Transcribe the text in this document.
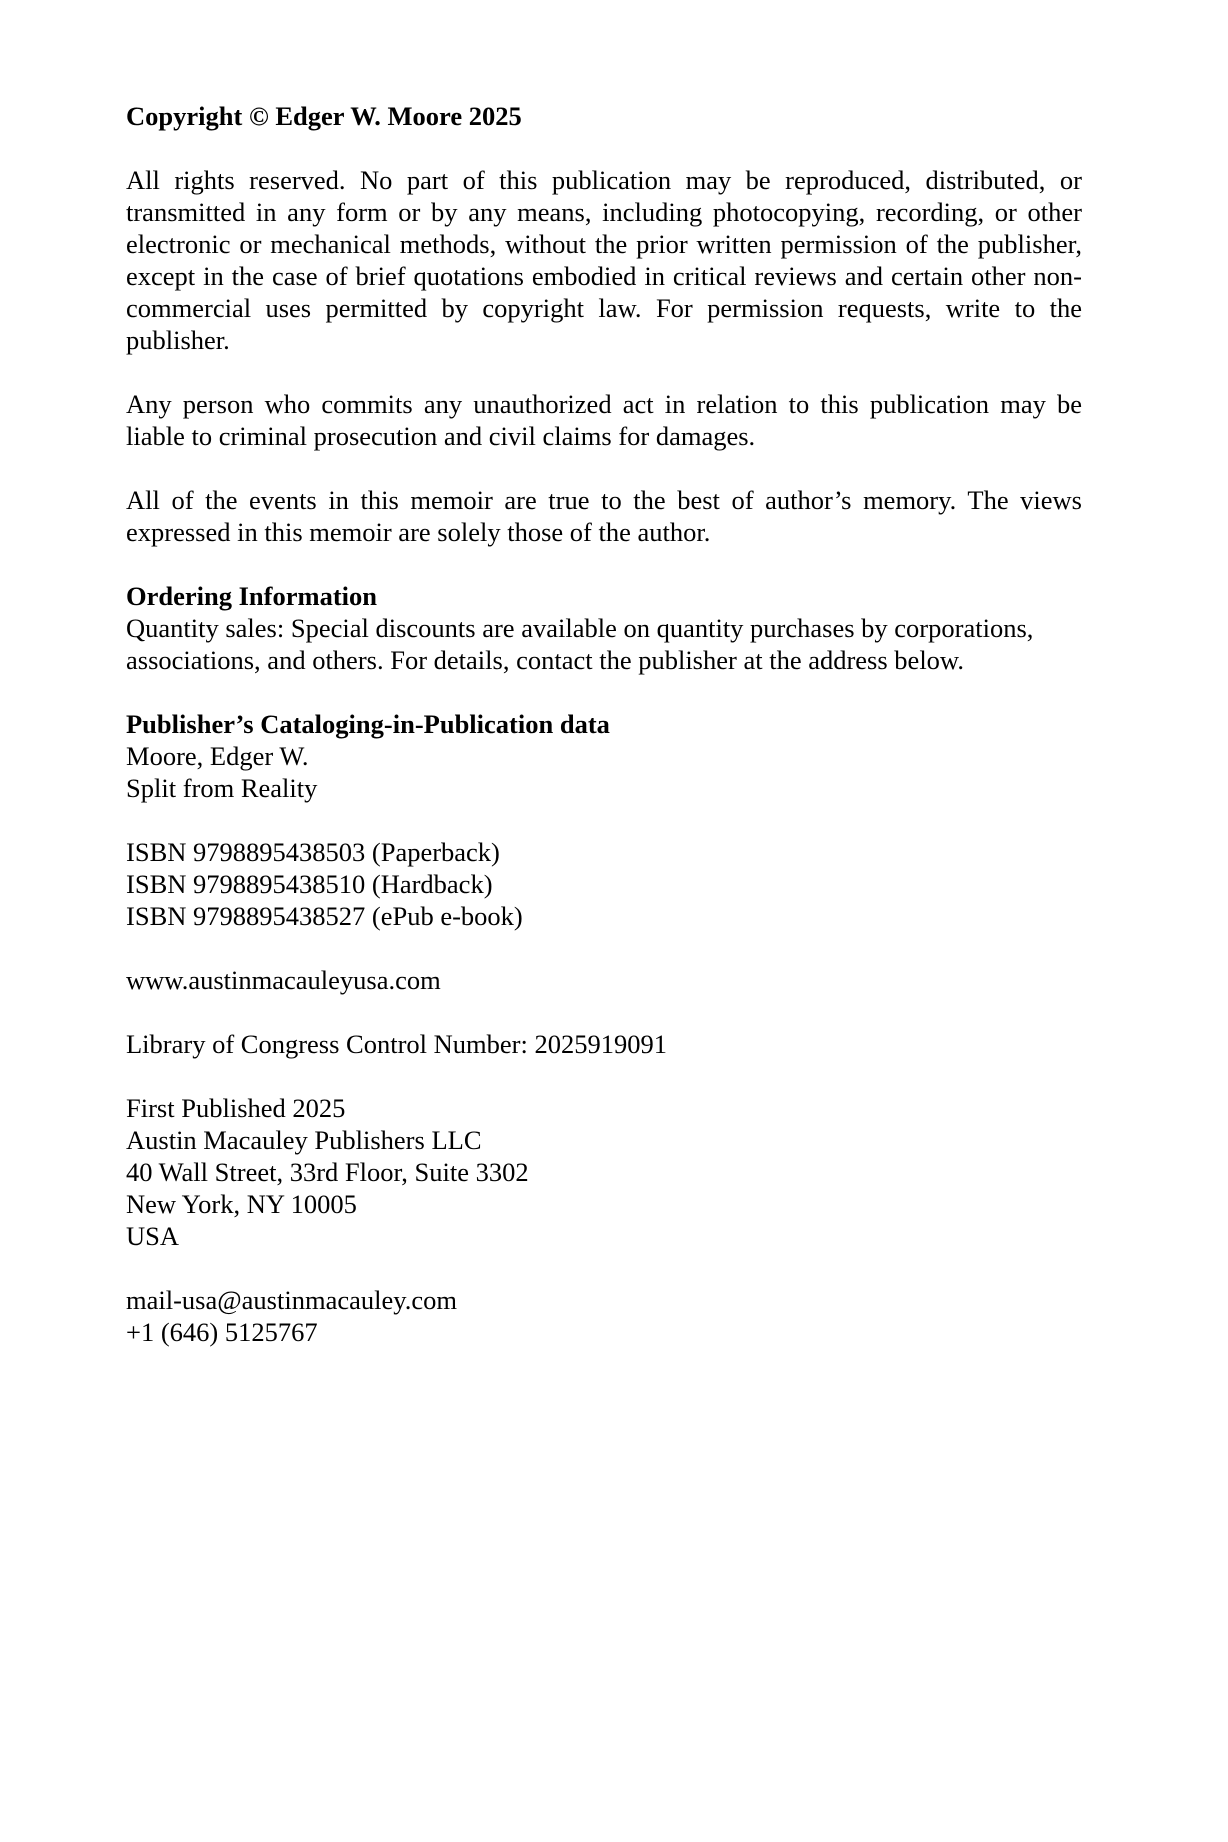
Copyright © Edger W. Moore 2025

All rights reserved. No part of this publication may be reproduced, distributed, or transmitted in any form or by any means, including photocopying, recording, or other electronic or mechanical methods, without the prior written permission of the publisher, except in the case of brief quotations embodied in critical reviews and certain other non-commercial uses permitted by copyright law. For permission requests, write to the publisher.

Any person who commits any unauthorized act in relation to this publication may be liable to criminal prosecution and civil claims for damages.

All of the events in this memoir are true to the best of author’s memory. The views expressed in this memoir are solely those of the author.

Ordering Information
Quantity sales: Special discounts are available on quantity purchases by corporations, associations, and others. For details, contact the publisher at the address below.
Publisher’s Cataloging-in-Publication data
Moore, Edger W.
Split from Reality
ISBN 9798895438503 (Paperback)
ISBN 9798895438510 (Hardback)
ISBN 9798895438527 (ePub e-book)
www.austinmacauleyusa.com
Library of Congress Control Number: 2025919091
First Published 2025
Austin Macauley Publishers LLC
40 Wall Street, 33rd Floor, Suite 3302
New York, NY 10005
USA
mail-usa@austinmacauley.com
+1 (646) 5125767
